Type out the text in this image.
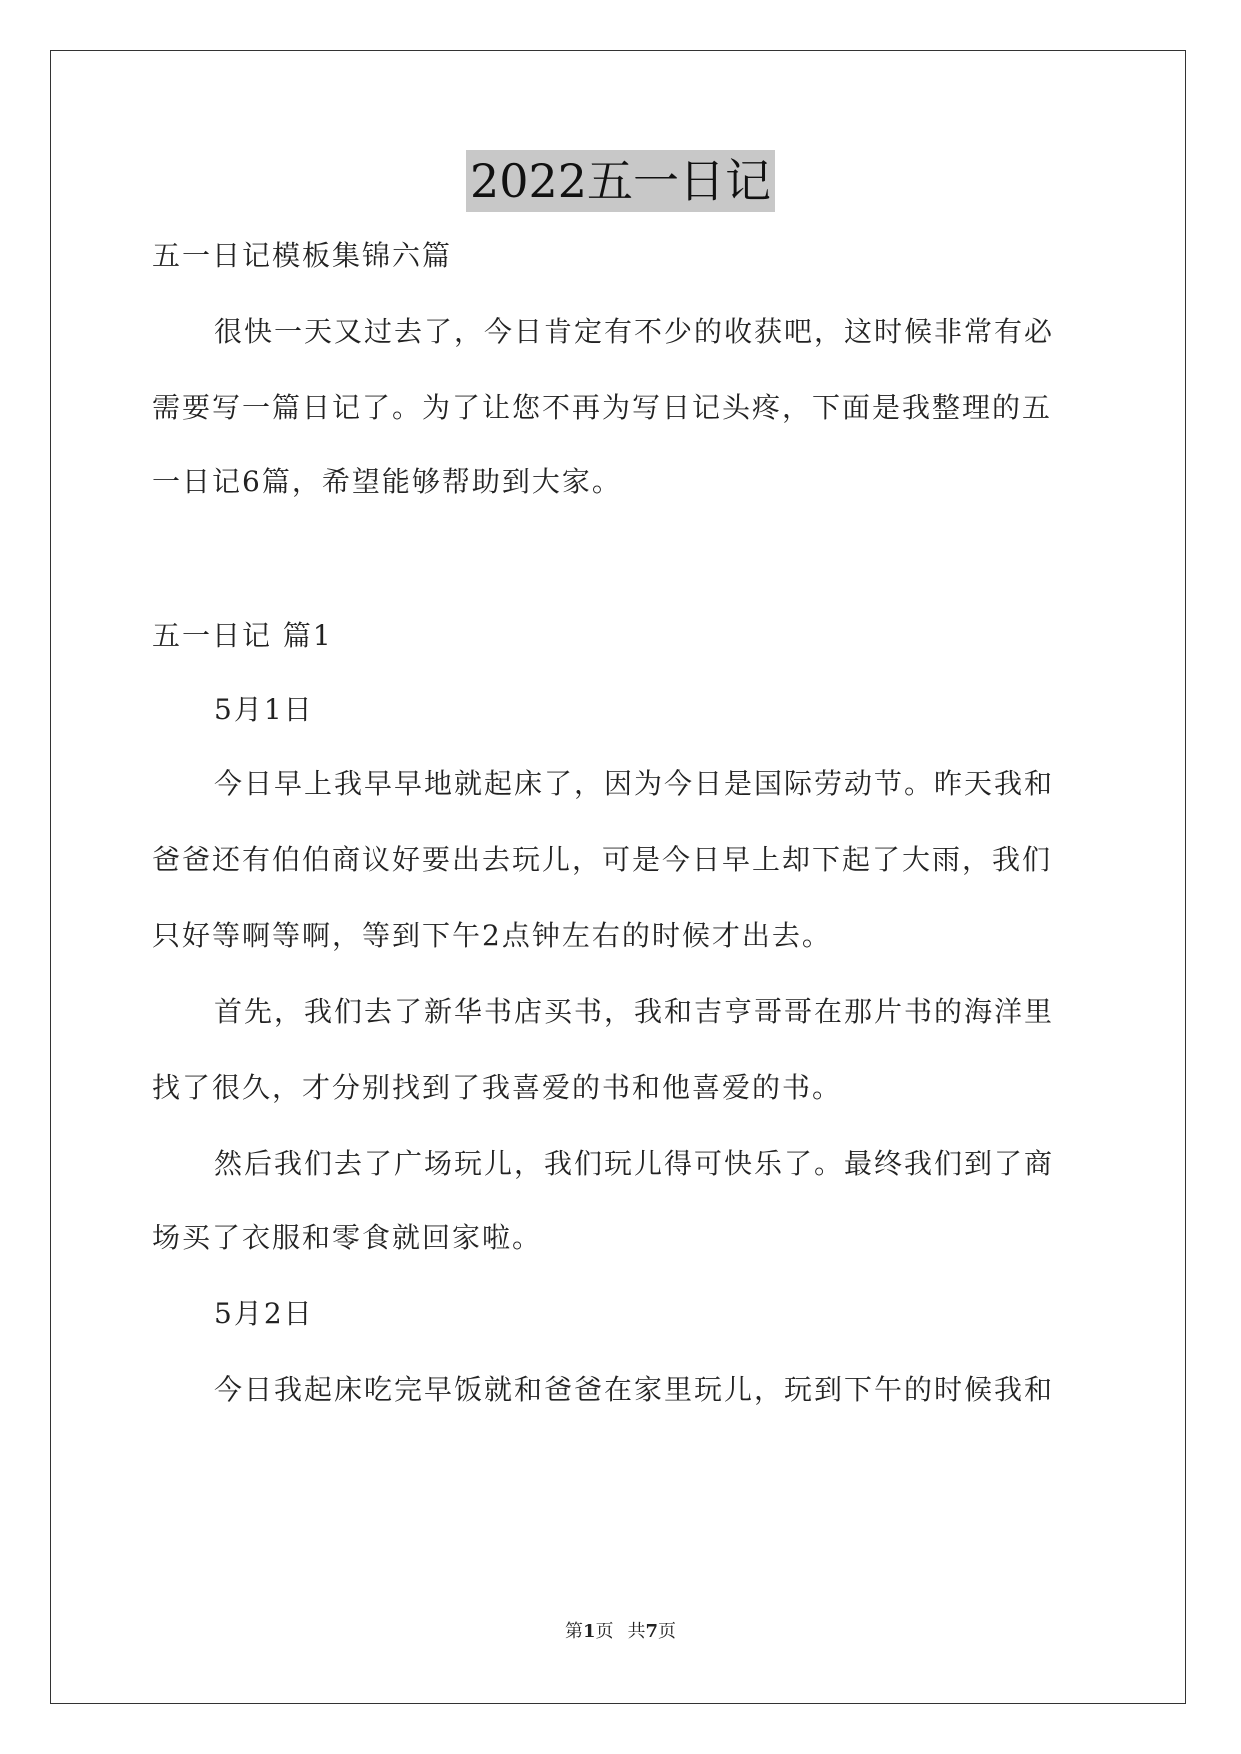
2022五一日记
五一日记模板集锦六篇
很快一天又过去了，今日肯定有不少的收获吧，这时候非常有必
需要写一篇日记了。为了让您不再为写日记头疼，下面是我整理的五
一日记6篇，希望能够帮助到大家。
五一日记 篇1
5月1日
今日早上我早早地就起床了，因为今日是国际劳动节。昨天我和
爸爸还有伯伯商议好要出去玩儿，可是今日早上却下起了大雨，我们
只好等啊等啊，等到下午2点钟左右的时候才出去。
首先，我们去了新华书店买书，我和吉亨哥哥在那片书的海洋里
找了很久，才分别找到了我喜爱的书和他喜爱的书。
然后我们去了广场玩儿，我们玩儿得可快乐了。最终我们到了商
场买了衣服和零食就回家啦。
5月2日
今日我起床吃完早饭就和爸爸在家里玩儿，玩到下午的时候我和
第1页 共7页
